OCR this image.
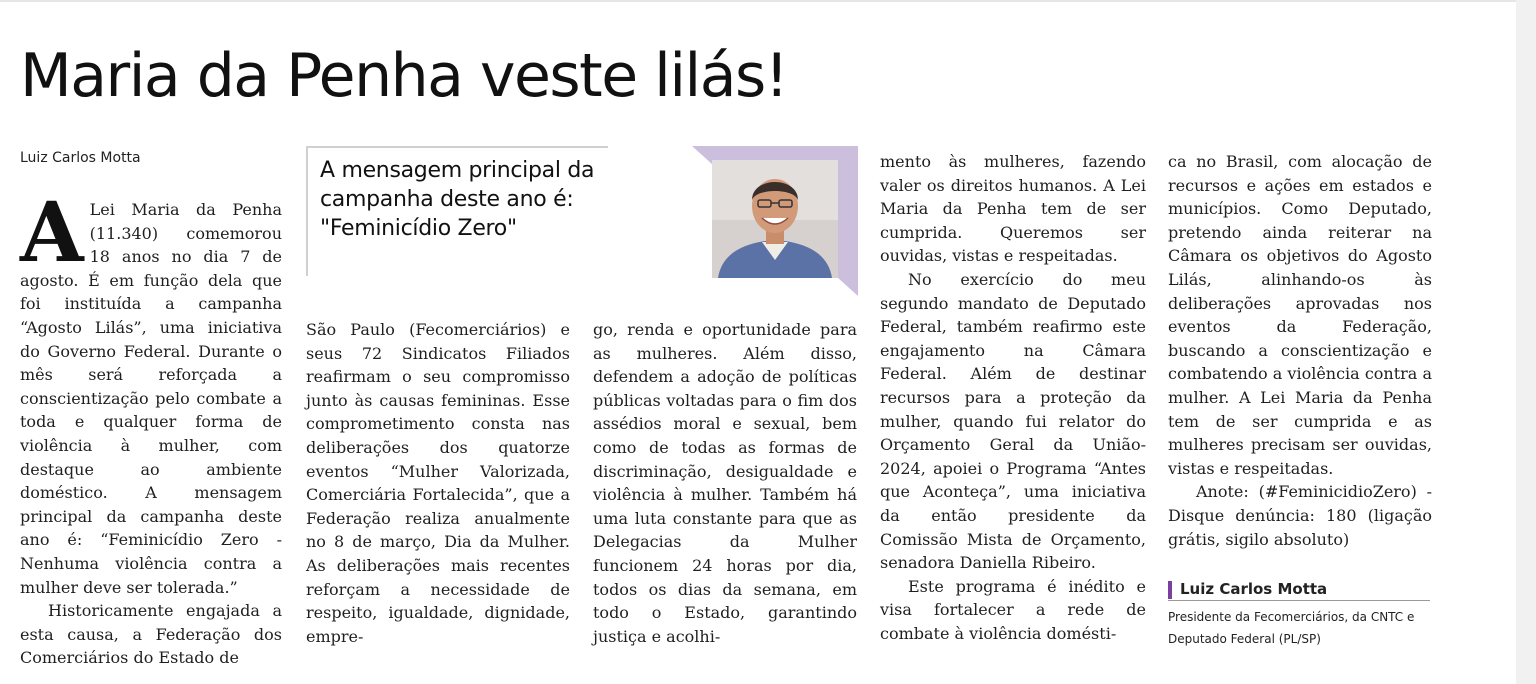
Maria da Penha veste lilás!
Luiz Carlos Motta

A Lei Maria da Penha (11.340) comemorou 18 anos no dia 7 de agosto. É em função dela que foi instituída a campanha “Agosto Lilás”, uma iniciativa do Governo Federal. Durante o mês será reforçada a conscientização pelo combate a toda e qualquer forma de violência à mulher, com destaque ao ambiente doméstico. A mensagem principal da campanha deste ano é: “Feminicídio Zero - Nenhuma violência contra a mulher deve ser tolerada.”

Historicamente engajada a esta causa, a Federação dos Comerciários do Estado de

A mensagem principal da campanha deste ano é: "Feminicídio Zero"

São Paulo (Fecomerciários) e seus 72 Sindicatos Filiados reafirmam o seu compromisso junto às causas femininas. Esse comprometimento consta nas deliberações dos quatorze eventos “Mulher Valorizada, Comerciária Fortalecida”, que a Federação realiza anualmente no 8 de março, Dia da Mulher. As deliberações mais recentes reforçam a necessidade de respeito, igualdade, dignidade, empre-

go, renda e oportunidade para as mulheres. Além disso, defendem a adoção de políticas públicas voltadas para o fim dos assédios moral e sexual, bem como de todas as formas de discriminação, desigualdade e violência à mulher. Também há uma luta constante para que as Delegacias da Mulher funcionem 24 horas por dia, todos os dias da semana, em todo o Estado, garantindo justiça e acolhi-

mento às mulheres, fazendo valer os direitos humanos. A Lei Maria da Penha tem de ser cumprida. Queremos ser ouvidas, vistas e respeitadas.

No exercício do meu segundo mandato de Deputado Federal, também reafirmo este engajamento na Câmara Federal. Além de destinar recursos para a proteção da mulher, quando fui relator do Orçamento Geral da União-2024, apoiei o Programa “Antes que Aconteça”, uma iniciativa da então presidente da Comissão Mista de Orçamento, senadora Daniella Ribeiro.

Este programa é inédito e visa fortalecer a rede de combate à violência domésti-

ca no Brasil, com alocação de recursos e ações em estados e municípios. Como Deputado, pretendo ainda reiterar na Câmara os objetivos do Agosto Lilás, alinhando-os às deliberações aprovadas nos eventos da Federação, buscando a conscientização e combatendo a violência contra a mulher. A Lei Maria da Penha tem de ser cumprida e as mulheres precisam ser ouvidas, vistas e respeitadas.

Anote: (#FeminicidioZero) - Disque denúncia: 180 (ligação grátis, sigilo absoluto)

Luiz Carlos Motta
Presidente da Fecomerciários, da CNTC e
Deputado Federal (PL/SP)
